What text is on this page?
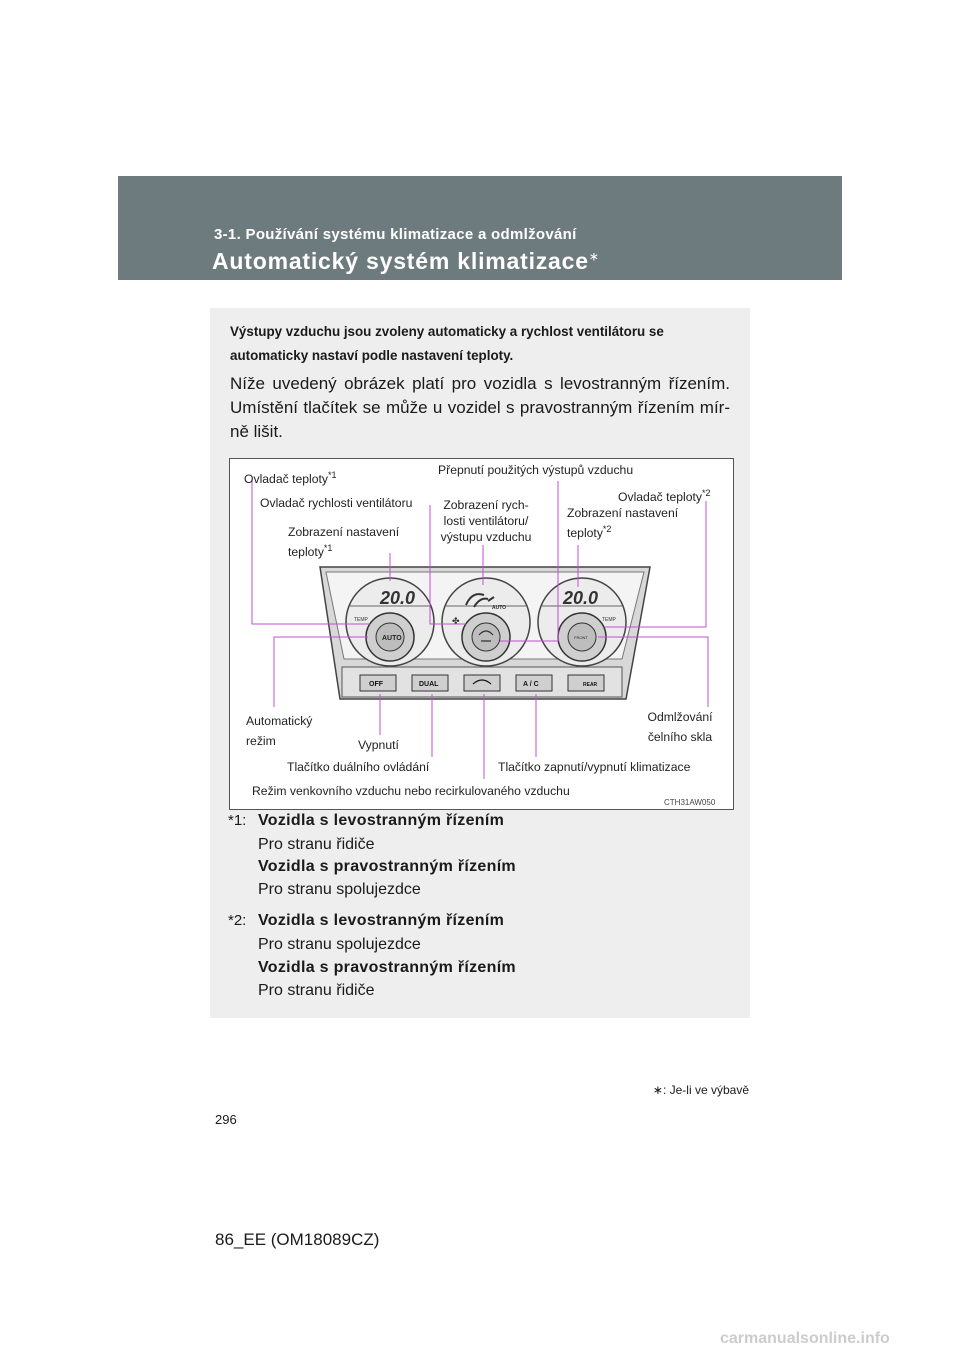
3-1. Používání systému klimatizace a odmlžování
Automatický systém klimatizace∗
Výstupy vzduchu jsou zvoleny automaticky a rychlost ventilátoru se automaticky nastaví podle nastavení teploty.
Níže uvedený obrázek platí pro vozidla s levostranným řízením. Umístění tlačítek se může u vozidel s pravostranným řízením mír-ně lišit.
20.0
TEMP
AUTO
AUTO
✤
20.0
TEMP
FRONT
OFF	DUAL	A / C	REAR
Ovladač teploty$^{*1}$	Přepnutí použitých výstupů vzduchu
Ovladač rychlosti ventilátoru	Ovladač teploty$^{*2}$
Zobrazení rych-
losti ventilátoru/
výstupu vzduchu
Zobrazení nastavení
teploty$^{*2}$
Zobrazení nastavení
teploty$^{*1}$
Automatický
režim	Vypnutí
Odmlžování
čelního skla
Tlačítko duálního ovládání	Tlačítko zapnutí/vypnutí klimatizace
Režim venkovního vzduchu nebo recirkulovaného vzduchu
CTH31AW050
*1: Vozidla s levostranným řízením
Pro stranu řidiče
Vozidla s pravostranným řízením
Pro stranu spolujezdce
*2: Vozidla s levostranným řízením
Pro stranu spolujezdce
Vozidla s pravostranným řízením
Pro stranu řidiče
∗: Je-li ve výbavě
296
86_EE (OM18089CZ)
carmanualsonline.info
